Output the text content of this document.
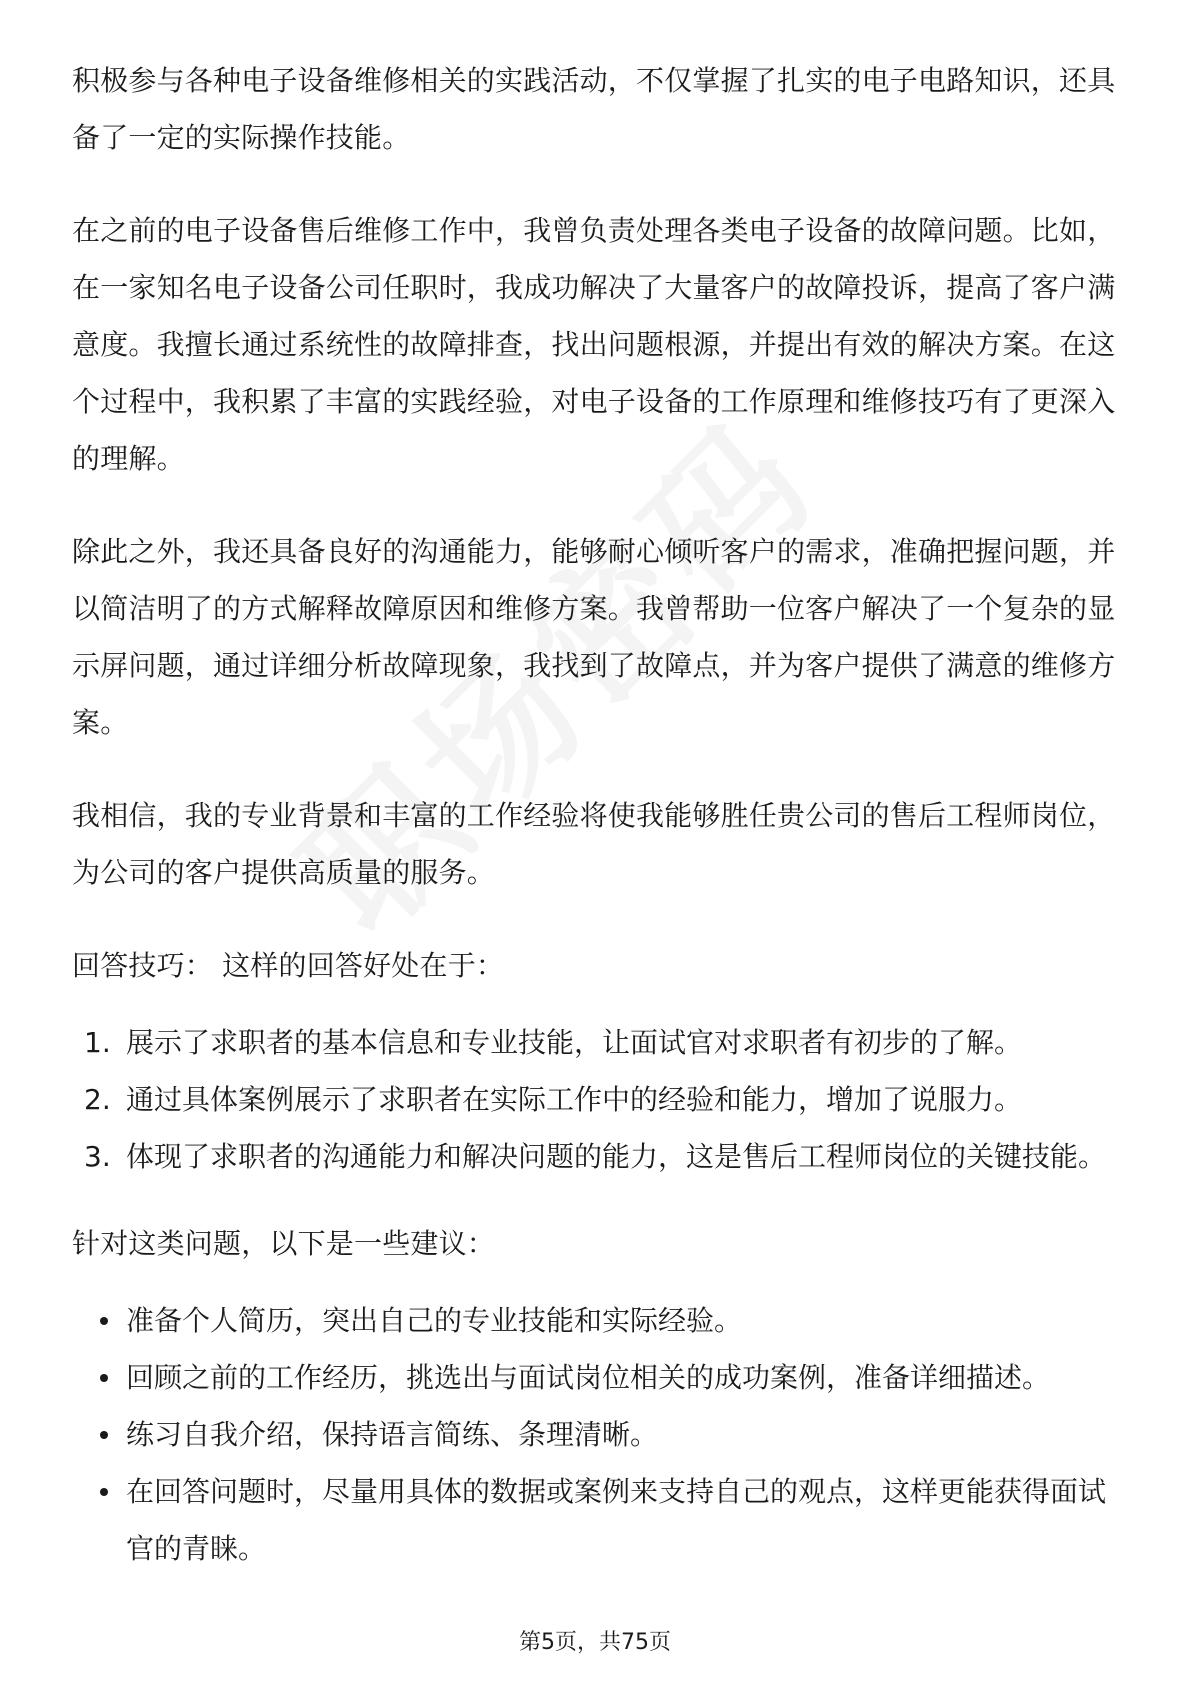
积极参与各种电子设备维修相关的实践活动，不仅掌握了扎实的电子电路知识，还具备了一定的实际操作技能。

在之前的电子设备售后维修工作中，我曾负责处理各类电子设备的故障问题。比如，在一家知名电子设备公司任职时，我成功解决了大量客户的故障投诉，提高了客户满意度。我擅长通过系统性的故障排查，找出问题根源，并提出有效的解决方案。在这个过程中，我积累了丰富的实践经验，对电子设备的工作原理和维修技巧有了更深入的理解。

除此之外，我还具备良好的沟通能力，能够耐心倾听客户的需求，准确把握问题，并以简洁明了的方式解释故障原因和维修方案。我曾帮助一位客户解决了一个复杂的显示屏问题，通过详细分析故障现象，我找到了故障点，并为客户提供了满意的维修方案。

我相信，我的专业背景和丰富的工作经验将使我能够胜任贵公司的售后工程师岗位，为公司的客户提供高质量的服务。

回答技巧： 这样的回答好处在于：

1. 展示了求职者的基本信息和专业技能，让面试官对求职者有初步的了解。
2. 通过具体案例展示了求职者在实际工作中的经验和能力，增加了说服力。
3. 体现了求职者的沟通能力和解决问题的能力，这是售后工程师岗位的关键技能。

针对这类问题，以下是一些建议：

准备个人简历，突出自己的专业技能和实际经验。
回顾之前的工作经历，挑选出与面试岗位相关的成功案例，准备详细描述。
练习自我介绍，保持语言简练、条理清晰。
在回答问题时，尽量用具体的数据或案例来支持自己的观点，这样更能获得面试官的青睐。
第5页，共75页
